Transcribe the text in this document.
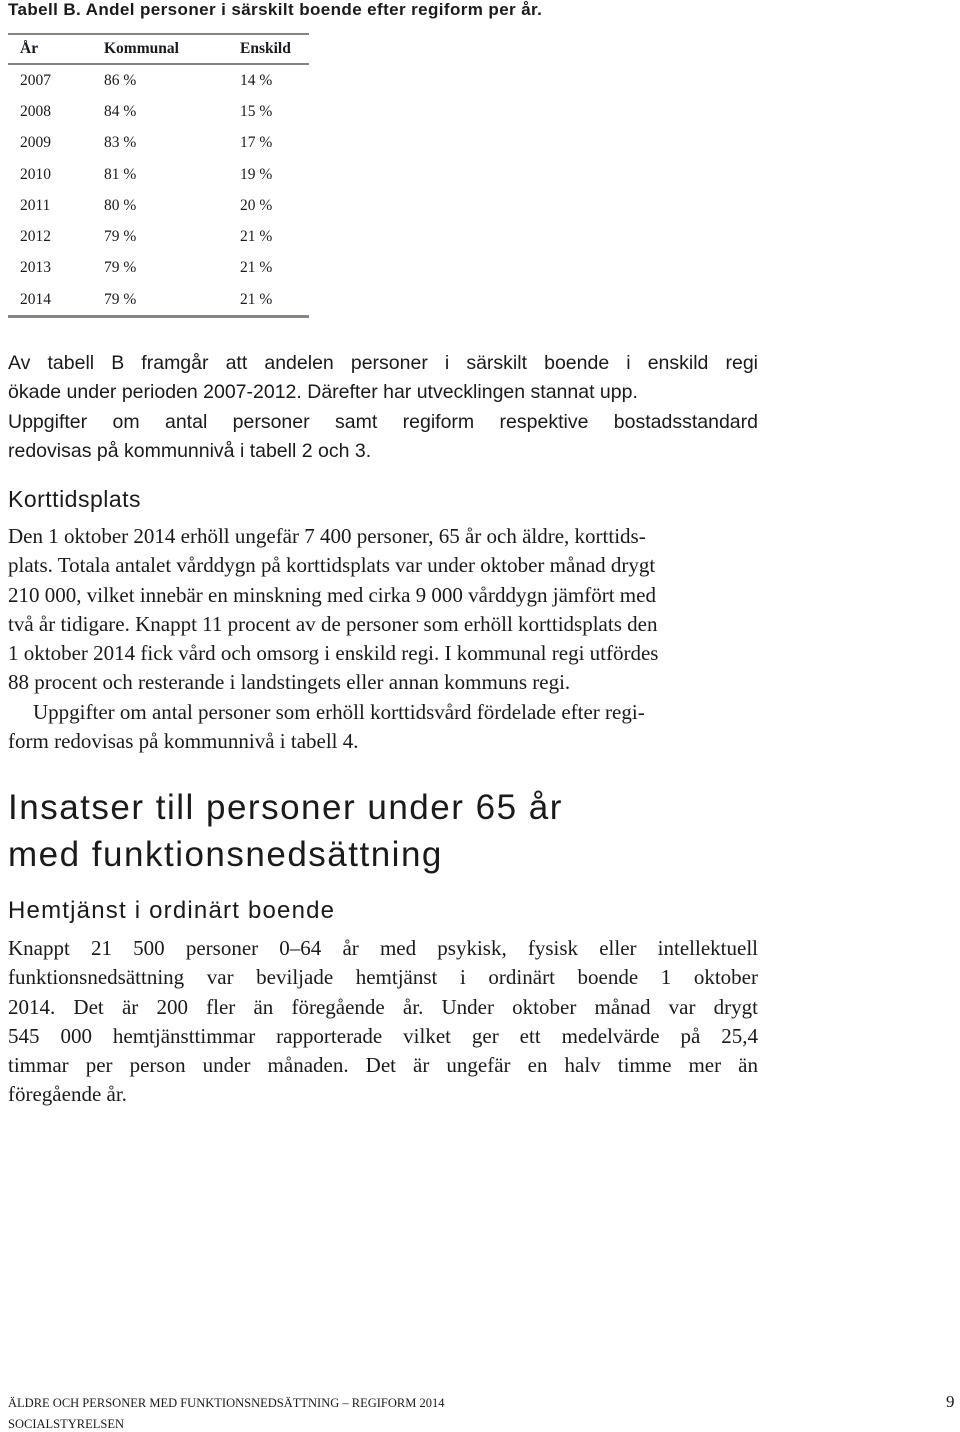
Tabell B. Andel personer i särskilt boende efter regiform per år.
År	Kommunal	Enskild
2007	86 %	14 %
2008	84 %	15 %
2009	83 %	17 %
2010	81 %	19 %
2011	80 %	20 %
2012	79 %	21 %
2013	79 %	21 %
2014	79 %	21 %
Av tabell B framgår att andelen personer i särskilt boende i enskild regi
ökade under perioden 2007-2012. Därefter har utvecklingen stannat upp.
Uppgifter om antal personer samt regiform respektive bostadsstandard
redovisas på kommunnivå i tabell 2 och 3.
Korttidsplats
Den 1 oktober 2014 erhöll ungefär 7 400 personer, 65 år och äldre, korttids-
plats. Totala antalet vårddygn på korttidsplats var under oktober månad drygt
210 000, vilket innebär en minskning med cirka 9 000 vårddygn jämfört med
två år tidigare. Knappt 11 procent av de personer som erhöll korttidsplats den
1 oktober 2014 fick vård och omsorg i enskild regi. I kommunal regi utfördes
88 procent och resterande i landstingets eller annan kommuns regi.
Uppgifter om antal personer som erhöll korttidsvård fördelade efter regi-
form redovisas på kommunnivå i tabell 4.
Insatser till personer under 65 år
med funktionsnedsättning
Hemtjänst i ordinärt boende
Knappt 21 500 personer 0–64 år med psykisk, fysisk eller intellektuell
funktionsnedsättning var beviljade hemtjänst i ordinärt boende 1 oktober
2014. Det är 200 fler än föregående år. Under oktober månad var drygt
545 000 hemtjänsttimmar rapporterade vilket ger ett medelvärde på 25,4
timmar per person under månaden. Det är ungefär en halv timme mer än
föregående år.
ÄLDRE OCH PERSONER MED FUNKTIONSNEDSÄTTNING – REGIFORM 2014
SOCIALSTYRELSEN
9
